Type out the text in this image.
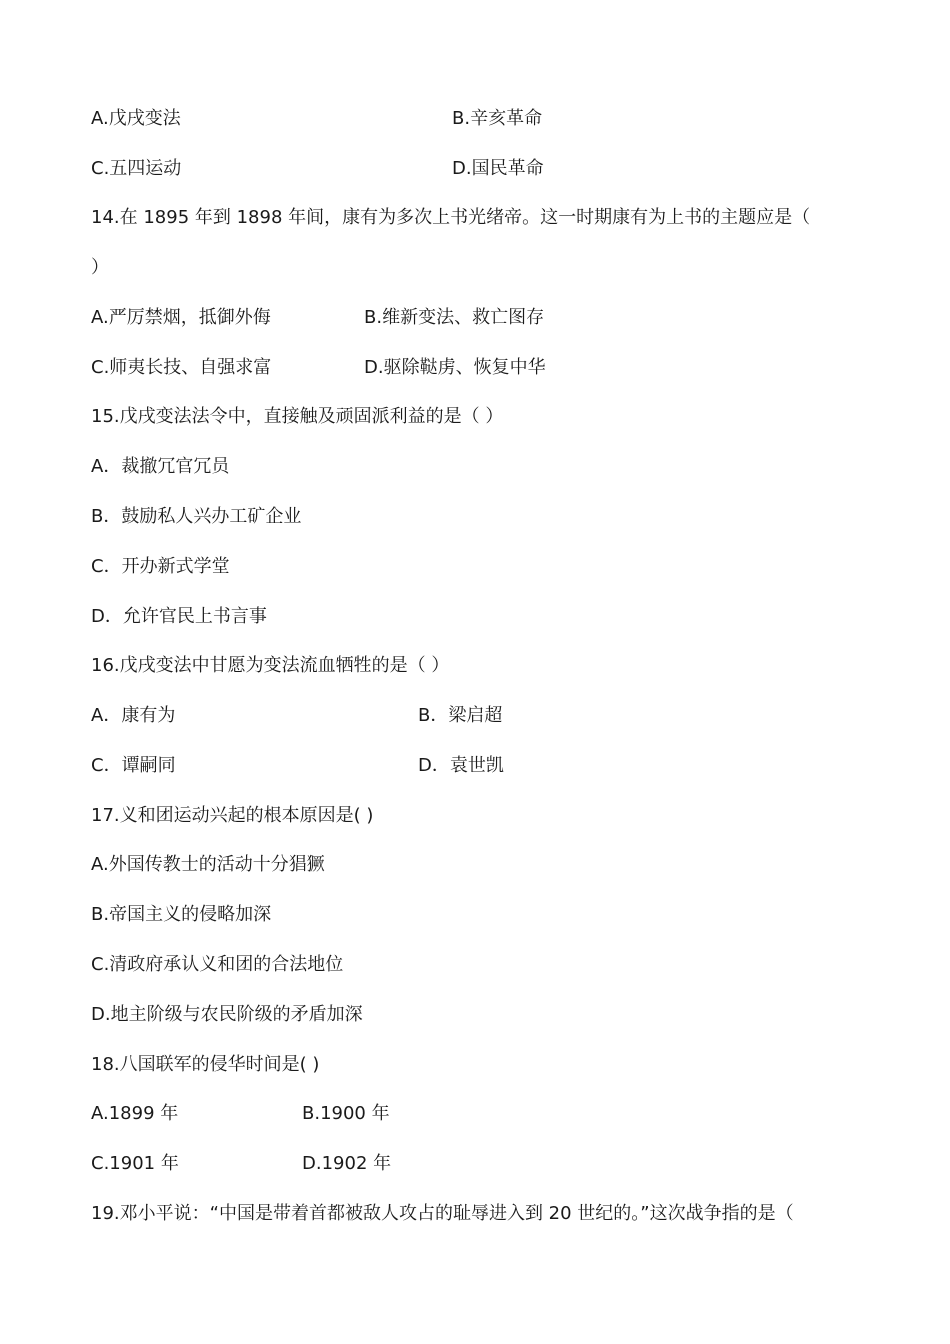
A.戊戌变法	B.辛亥革命
C.五四运动	D.国民革命
14.在 1895 年到 1898 年间，康有为多次上书光绪帝。这一时期康有为上书的主题应是（
）
A.严厉禁烟，抵御外侮	B.维新变法、救亡图存
C.师夷长技、自强求富	D.驱除鞑虏、恢复中华
15.戊戌变法法令中，直接触及顽固派利益的是（ ）
A．裁撤冗官冗员
B．鼓励私人兴办工矿企业
C．开办新式学堂
D．允许官民上书言事
16.戊戌变法中甘愿为变法流血牺牲的是（ ）
A．康有为	B．梁启超
C．谭嗣同	D．袁世凯
17.义和团运动兴起的根本原因是( )
A.外国传教士的活动十分猖獗
B.帝国主义的侵略加深
C.清政府承认义和团的合法地位
D.地主阶级与农民阶级的矛盾加深
18.八国联军的侵华时间是( )
A.1899 年	B.1900 年
C.1901 年	D.1902 年
19.邓小平说：“中国是带着首都被敌人攻占的耻辱进入到 20 世纪的。”这次战争指的是（
